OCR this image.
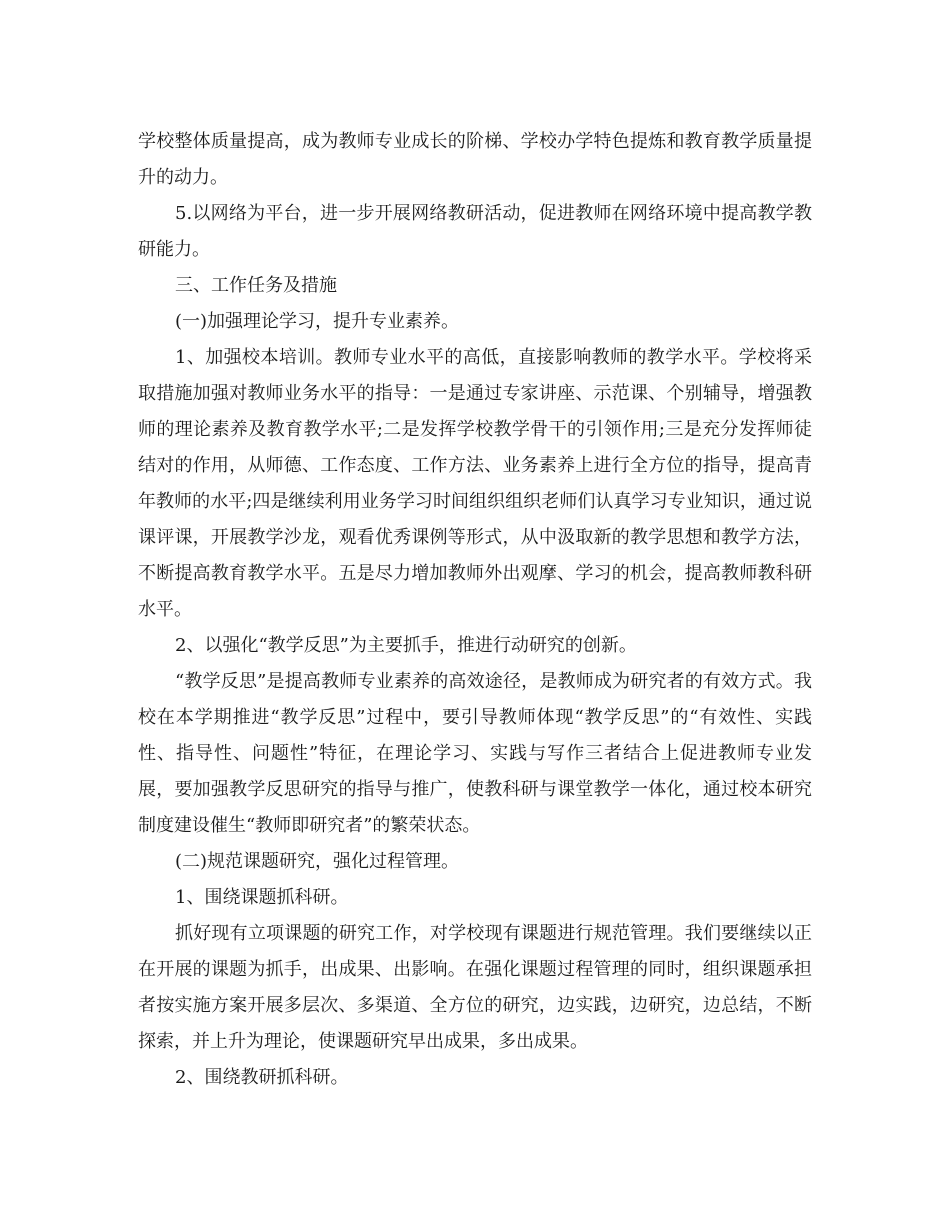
学校整体质量提高，成为教师专业成长的阶梯、学校办学特色提炼和教育教学质量提升的动力。

5.以网络为平台，进一步开展网络教研活动，促进教师在网络环境中提高教学教研能力。

三、工作任务及措施

(一)加强理论学习，提升专业素养。

1、加强校本培训。教师专业水平的高低，直接影响教师的教学水平。学校将采取措施加强对教师业务水平的指导：一是通过专家讲座、示范课、个别辅导，增强教师的理论素养及教育教学水平;二是发挥学校教学骨干的引领作用;三是充分发挥师徒结对的作用，从师德、工作态度、工作方法、业务素养上进行全方位的指导，提高青年教师的水平;四是继续利用业务学习时间组织组织老师们认真学习专业知识，通过说课评课，开展教学沙龙，观看优秀课例等形式，从中汲取新的教学思想和教学方法，不断提高教育教学水平。五是尽力增加教师外出观摩、学习的机会，提高教师教科研水平。

2、以强化“教学反思”为主要抓手，推进行动研究的创新。

“教学反思”是提高教师专业素养的高效途径，是教师成为研究者的有效方式。我校在本学期推进“教学反思”过程中，要引导教师体现“教学反思”的“有效性、实践性、指导性、问题性”特征，在理论学习、实践与写作三者结合上促进教师专业发展，要加强教学反思研究的指导与推广，使教科研与课堂教学一体化，通过校本研究制度建设催生“教师即研究者”的繁荣状态。

(二)规范课题研究，强化过程管理。

1、围绕课题抓科研。

抓好现有立项课题的研究工作，对学校现有课题进行规范管理。我们要继续以正在开展的课题为抓手，出成果、出影响。在强化课题过程管理的同时，组织课题承担者按实施方案开展多层次、多渠道、全方位的研究，边实践，边研究，边总结，不断探索，并上升为理论，使课题研究早出成果，多出成果。

2、围绕教研抓科研。
